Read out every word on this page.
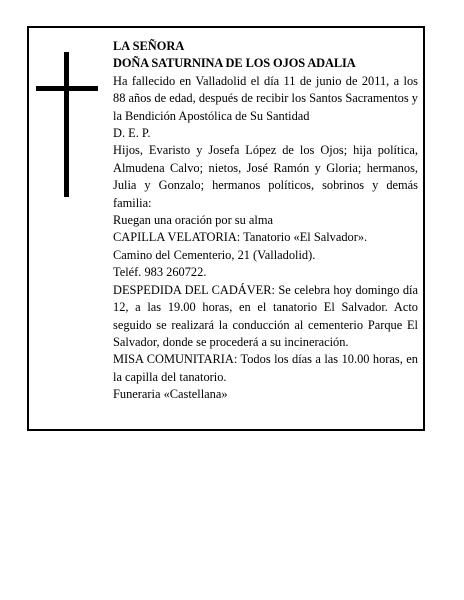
LA SEÑORA

DOÑA SATURNINA DE LOS OJOS ADALIA

Ha fallecido en Valladolid el día 11 de junio de 2011, a los 88 años de edad, después de recibir los Santos Sacramentos y la Bendición Apostólica de Su Santidad

D. E. P.

Hijos, Evaristo y Josefa López de los Ojos; hija política, Almudena Calvo; nietos, José Ramón y Gloria; hermanos, Julia y Gonzalo; hermanos políticos, sobrinos y demás familia:

Ruegan una oración por su alma

CAPILLA VELATORIA: Tanatorio «El Salvador».

Camino del Cementerio, 21 (Valladolid).

Teléf. 983 260722.

DESPEDIDA DEL CADÁVER: Se celebra hoy domingo día 12, a las 19.00 horas, en el tanatorio El Salvador. Acto seguido se realizará la conducción al cementerio Parque El Salvador, donde se procederá a su incineración.

MISA COMUNITARIA: Todos los días a las 10.00 horas, en la capilla del tanatorio.

Funeraria «Castellana»
